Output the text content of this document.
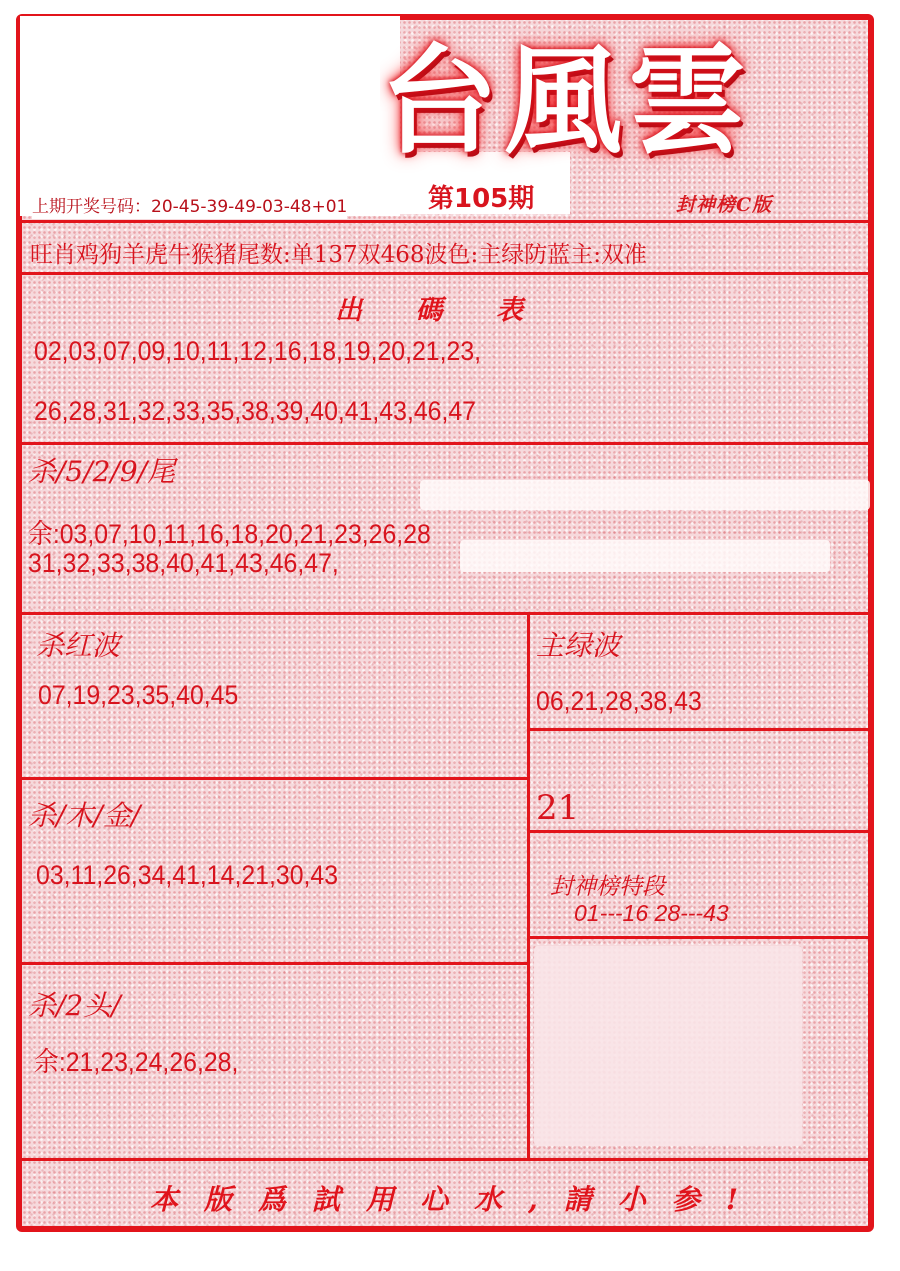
台風雲
封神榜C版
上期开奖号码：20-45-39-49-03-48+01	第105期
旺肖鸡狗羊虎牛猴猪尾数:单137双468波色:主绿防蓝主:双准
出 碼 表
02,03,07,09,10,11,12,16,18,19,20,21,23,
26,28,31,32,33,35,38,39,40,41,43,46,47
杀/5/2/9/尾
余:03,07,10,11,16,18,20,21,23,26,28
31,32,33,38,40,41,43,46,47,
杀红波
07,19,23,35,40,45
主绿波
06,21,28,38,43
21
杀/木/金/
03,11,26,34,41,14,21,30,43	封神榜特段
01---16 28---43
杀/2头/
余:21,23,24,26,28,
本版爲試用心水,請小参!
